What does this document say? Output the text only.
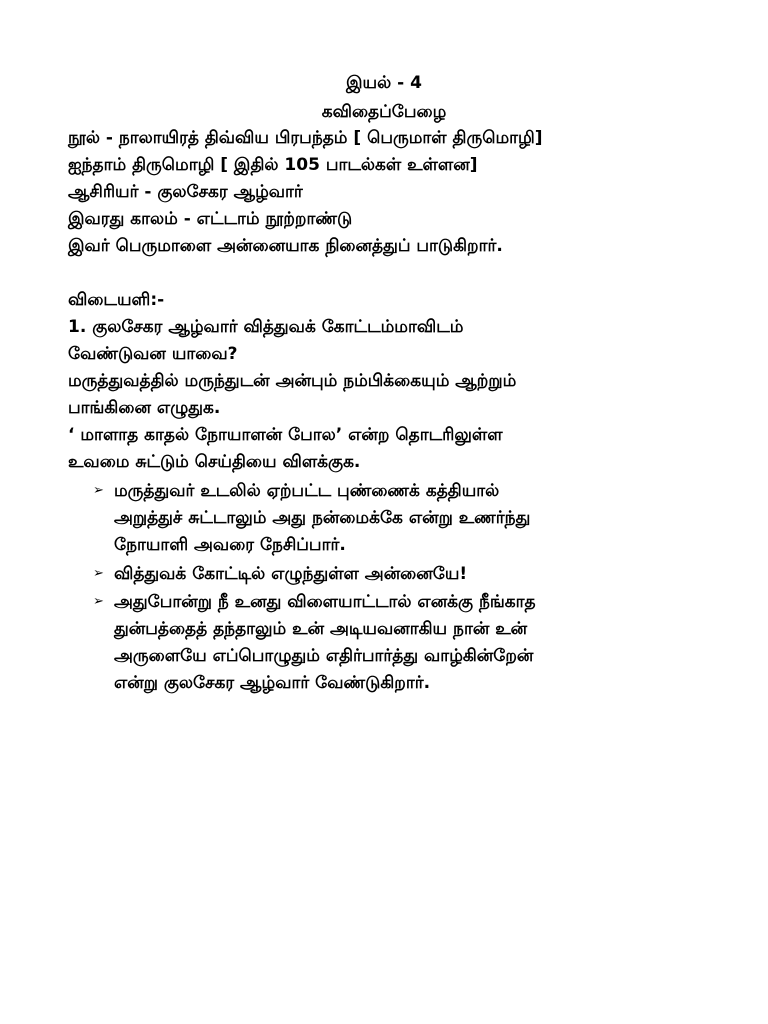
இயல் - 4
கவிதைப்பேழை
நூல் - நாலாயிரத் திவ்விய பிரபந்தம் [ பெருமாள் திருமொழி]
ஐந்தாம் திருமொழி [ இதில் 105 பாடல்கள் உள்ளன]
ஆசிரியர் - குலசேகர ஆழ்வார்
இவரது காலம் - எட்டாம் நூற்றாண்டு
இவர் பெருமாளை அன்னையாக நினைத்துப் பாடுகிறார்.
விடையளி:-
1. குலசேகர ஆழ்வார் வித்துவக் கோட்டம்மாவிடம்
வேண்டுவன யாவை?
மருத்துவத்தில் மருந்துடன் அன்பும் நம்பிக்கையும் ஆற்றும்
பாங்கினை எழுதுக.
‘ மாளாத காதல் நோயாளன் போல’ என்ற தொடரிலுள்ள
உவமை சுட்டும் செய்தியை விளக்குக.
➢ மருத்துவர் உடலில் ஏற்பட்ட புண்ணைக் கத்தியால்
அறுத்துச் சுட்டாலும் அது நன்மைக்கே என்று உணர்ந்து
நோயாளி அவரை நேசிப்பார்.
➢ வித்துவக் கோட்டில் எழுந்துள்ள அன்னையே!
➢ அதுபோன்று நீ உனது விளையாட்டால் எனக்கு நீங்காத
துன்பத்தைத் தந்தாலும் உன் அடியவனாகிய நான் உன்
அருளையே எப்பொழுதும் எதிர்பார்த்து வாழ்கின்றேன்
என்று குலசேகர ஆழ்வார் வேண்டுகிறார்.
